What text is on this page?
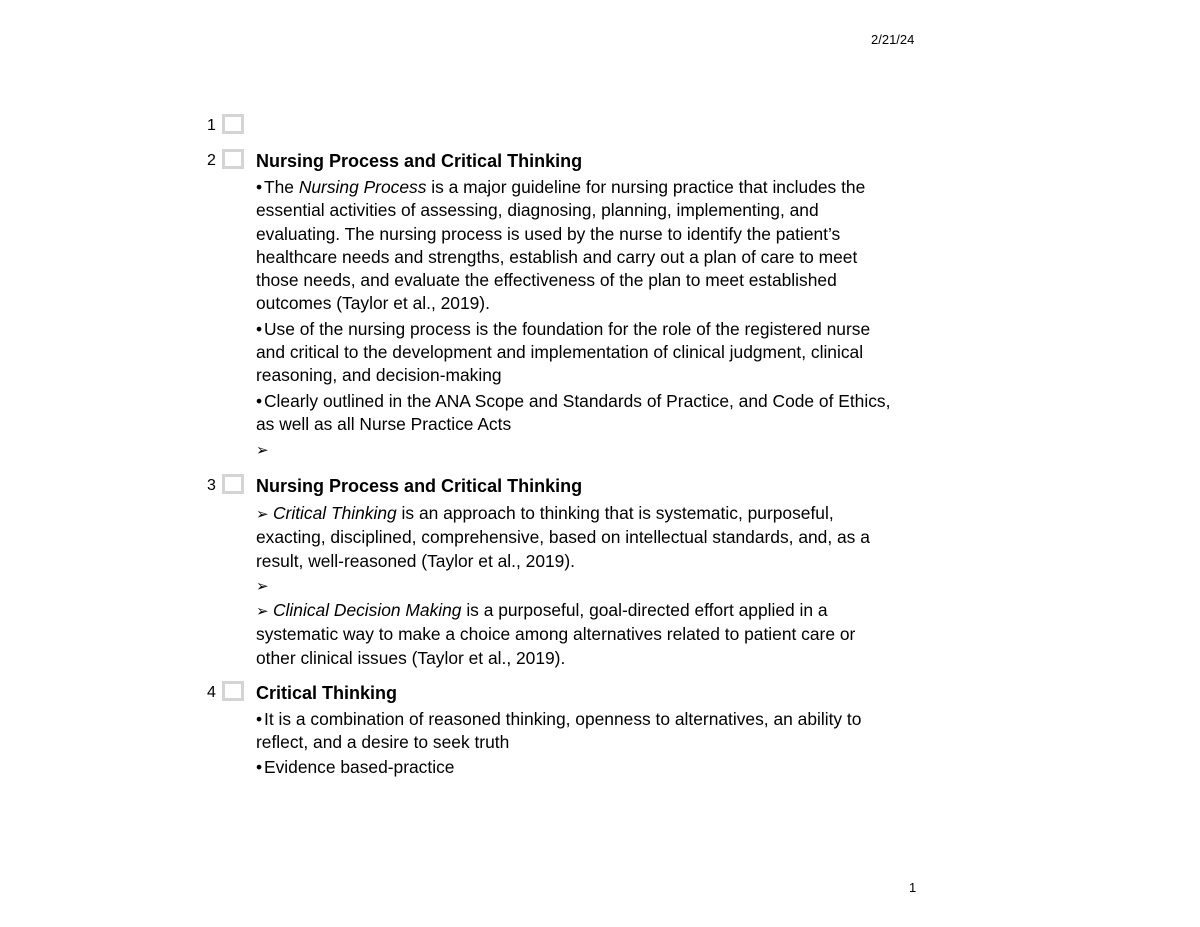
2/21/24
1
2 Nursing Process and Critical Thinking
• The Nursing Process is a major guideline for nursing practice that includes the
essential activities of assessing, diagnosing, planning, implementing, and
evaluating. The nursing process is used by the nurse to identify the patient’s
healthcare needs and strengths, establish and carry out a plan of care to meet
those needs, and evaluate the effectiveness of the plan to meet established
outcomes (Taylor et al., 2019).
• Use of the nursing process is the foundation for the role of the registered nurse
and critical to the development and implementation of clinical judgment, clinical
reasoning, and decision-making
• Clearly outlined in the ANA Scope and Standards of Practice, and Code of Ethics,
as well as all Nurse Practice Acts
➢
3 Nursing Process and Critical Thinking
➢ Critical Thinking is an approach to thinking that is systematic, purposeful,
exacting, disciplined, comprehensive, based on intellectual standards, and, as a
result, well-reasoned (Taylor et al., 2019).
➢
➢ Clinical Decision Making is a purposeful, goal-directed effort applied in a
systematic way to make a choice among alternatives related to patient care or
other clinical issues (Taylor et al., 2019).
4 Critical Thinking
• It is a combination of reasoned thinking, openness to alternatives, an ability to
reflect, and a desire to seek truth
• Evidence based-practice
1
